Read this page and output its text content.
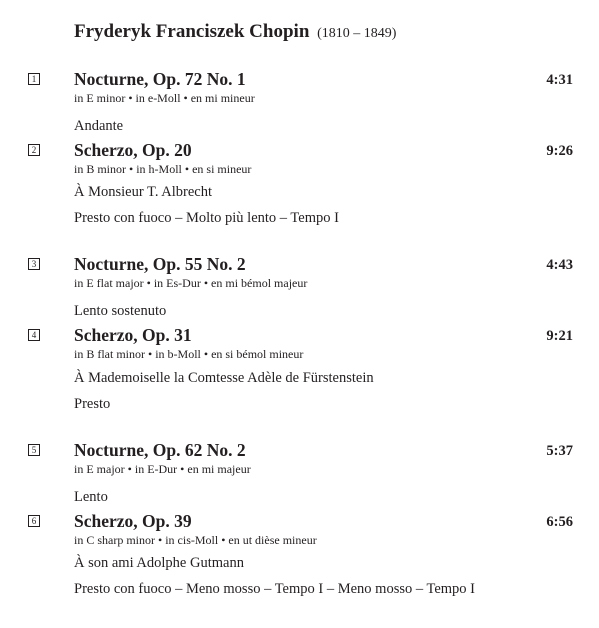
Fryderyk Franciszek Chopin (1810 – 1849)
1 Nocturne, Op. 72 No. 1	4:31
in E minor • in e-Moll • en mi mineur
Andante
2 Scherzo, Op. 20	9:26
in B minor • in h-Moll • en si mineur
À Monsieur T. Albrecht
Presto con fuoco – Molto più lento – Tempo I
3 Nocturne, Op. 55 No. 2	4:43
in E flat major • in Es-Dur • en mi bémol majeur
Lento sostenuto
4 Scherzo, Op. 31	9:21
in B flat minor • in b-Moll • en si bémol mineur
À Mademoiselle la Comtesse Adèle de Fürstenstein
Presto
5 Nocturne, Op. 62 No. 2	5:37
in E major • in E-Dur • en mi majeur
Lento
6 Scherzo, Op. 39	6:56
in C sharp minor • in cis-Moll • en ut dièse mineur
À son ami Adolphe Gutmann
Presto con fuoco – Meno mosso – Tempo I – Meno mosso – Tempo I
